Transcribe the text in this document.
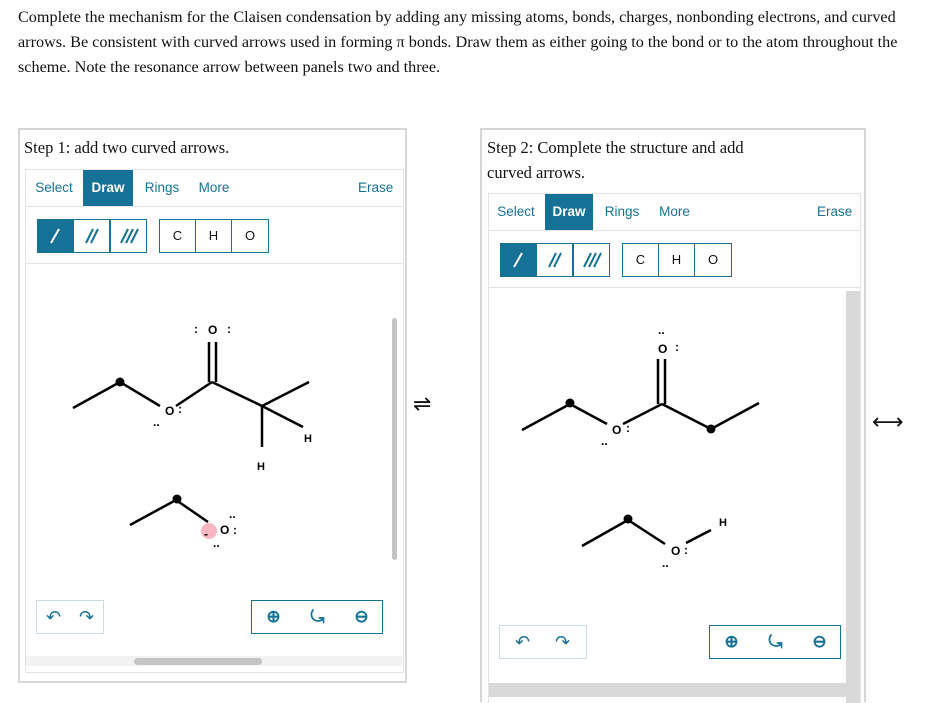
Complete the mechanism for the Claisen condensation by adding any missing atoms, bonds, charges, nonbonding electrons, and curved arrows. Be consistent with curved arrows used in forming π bonds. Draw them as either going to the bond or to the atom throughout the scheme. Note the resonance arrow between panels two and three.
Step 1: add two curved arrows.
Select	Draw	Rings	More	Erase
C	H	O
O
: :
O :
..
H
H
- O
..
:
..
↶ ↷	⊕	⤿	⊖
⇌
Step 2: Complete the structure and add curved arrows.
Select	Draw	Rings	More	Erase
C	H	O
..
O :
O :
..
H
O :
..
↶	↷	⊕	⤿	⊖
⟷
